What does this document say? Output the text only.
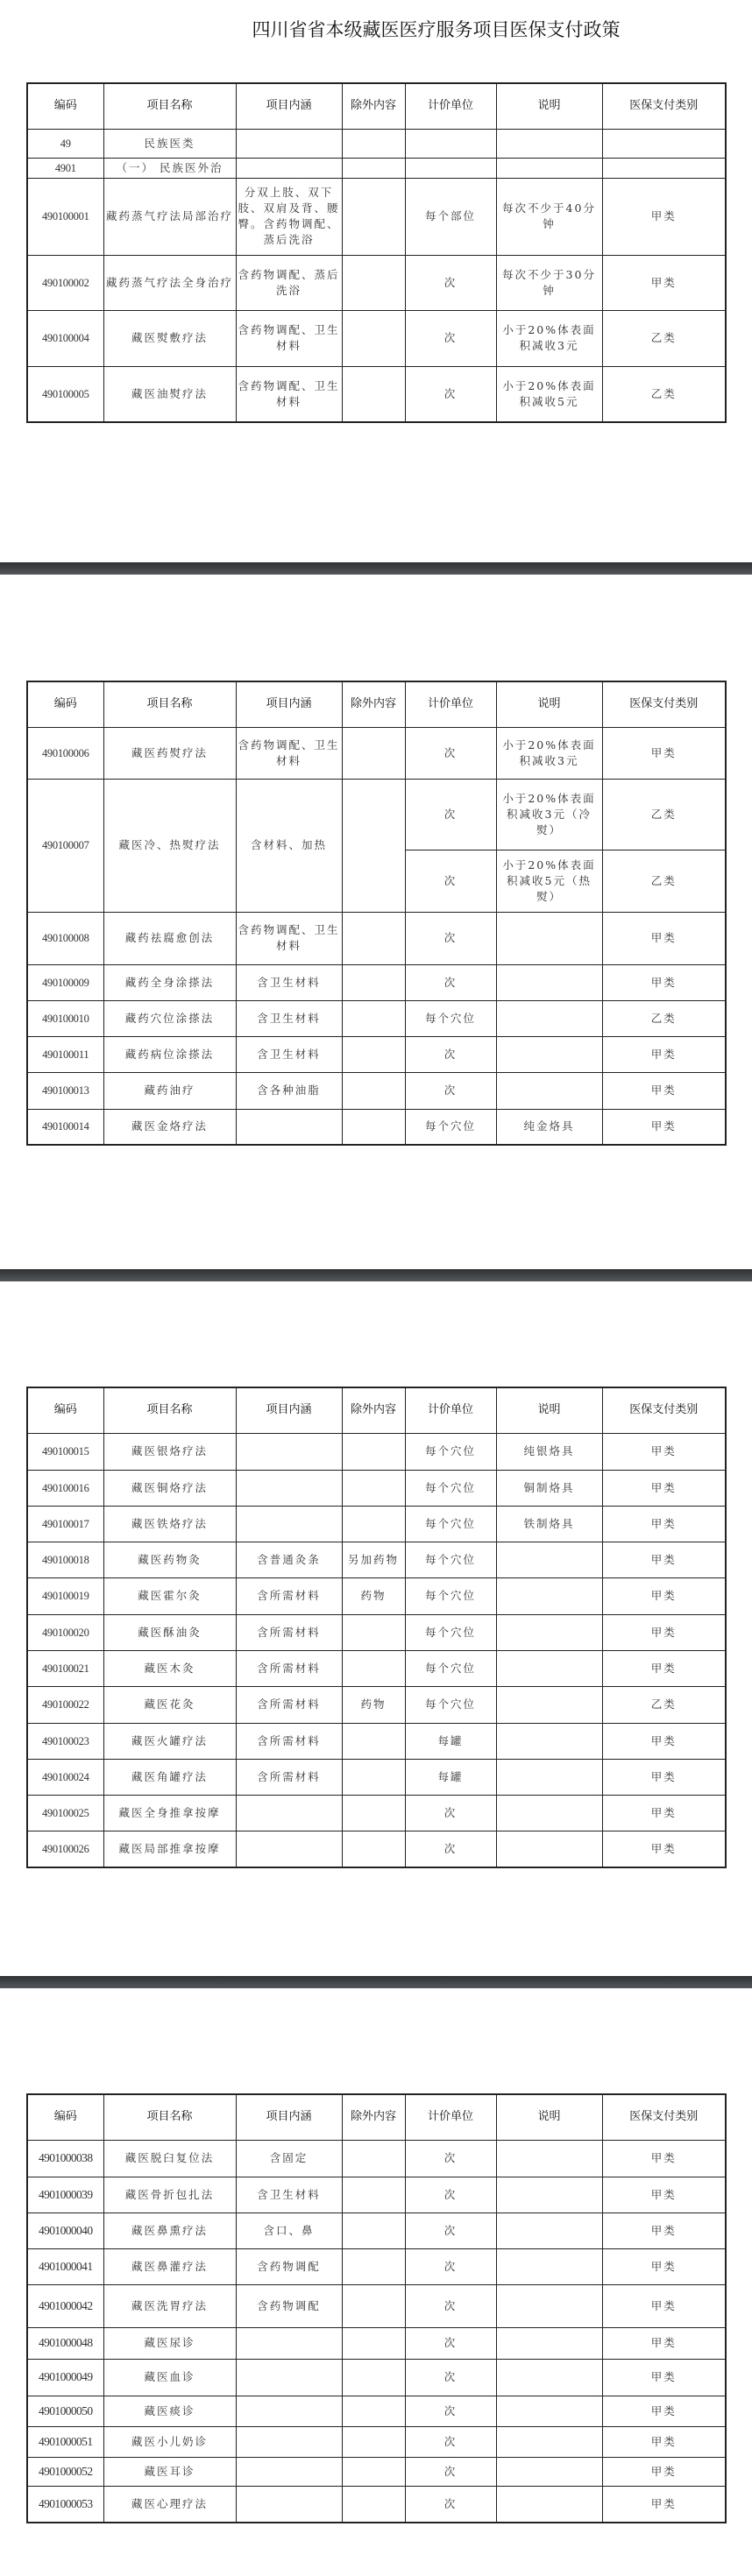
四川省省本级藏医医疗服务项目医保支付政策
编码	项目名称	项目内涵	除外内容	计价单位	说明	医保支付类别
49	民族医类					
4901	（一） 民族医外治					
490100001	藏药蒸气疗法局部治疗	分双上肢、双下肢、双肩及背、腰臀。含药物调配、蒸后洗浴		每个部位	每次不少于40分钟	甲类
490100002	藏药蒸气疗法全身治疗	含药物调配、蒸后洗浴		次	每次不少于30分钟	甲类
490100004	藏医熨敷疗法	含药物调配、卫生材料		次	小于20%体表面积减收3元	乙类
490100005	藏医油熨疗法	含药物调配、卫生材料		次	小于20%体表面积减收5元	乙类
编码	项目名称	项目内涵	除外内容	计价单位	说明	医保支付类别
490100006	藏医药熨疗法	含药物调配、卫生材料		次	小于20%体表面积减收3元	甲类
490100007	藏医冷、热熨疗法	含材料、加热		次	小于20%体表面积减收3元（冷熨）	乙类
				次	小于20%体表面积减收5元（热熨）	乙类
490100008	藏药祛腐愈创法	含药物调配、卫生材料		次		甲类
490100009	藏药全身涂搽法	含卫生材料		次		甲类
490100010	藏药穴位涂搽法	含卫生材料		每个穴位		乙类
490100011	藏药病位涂搽法	含卫生材料		次		甲类
490100013	藏药油疗	含各种油脂		次		甲类
490100014	藏医金烙疗法			每个穴位	纯金烙具	甲类
编码	项目名称	项目内涵	除外内容	计价单位	说明	医保支付类别
490100015	藏医银烙疗法			每个穴位	纯银烙具	甲类
490100016	藏医铜烙疗法			每个穴位	铜制烙具	甲类
490100017	藏医铁烙疗法			每个穴位	铁制烙具	甲类
490100018	藏医药物灸	含普通灸条	另加药物	每个穴位		甲类
490100019	藏医霍尔灸	含所需材料	药物	每个穴位		甲类
490100020	藏医酥油灸	含所需材料		每个穴位		甲类
490100021	藏医木灸	含所需材料		每个穴位		甲类
490100022	藏医花灸	含所需材料	药物	每个穴位		乙类
490100023	藏医火罐疗法	含所需材料		每罐		甲类
490100024	藏医角罐疗法	含所需材料		每罐		甲类
490100025	藏医全身推拿按摩			次		甲类
490100026	藏医局部推拿按摩			次		甲类
编码	项目名称	项目内涵	除外内容	计价单位	说明	医保支付类别
4901000038	藏医脱臼复位法	含固定		次		甲类
4901000039	藏医骨折包扎法	含卫生材料		次		甲类
4901000040	藏医鼻熏疗法	含口、鼻		次		甲类
4901000041	藏医鼻灌疗法	含药物调配		次		甲类
4901000042	藏医洗胃疗法	含药物调配		次		甲类
4901000048	藏医尿诊			次		甲类
4901000049	藏医血诊			次		甲类
4901000050	藏医痰诊			次		甲类
4901000051	藏医小儿奶诊			次		甲类
4901000052	藏医耳诊			次		甲类
4901000053	藏医心理疗法			次		甲类
